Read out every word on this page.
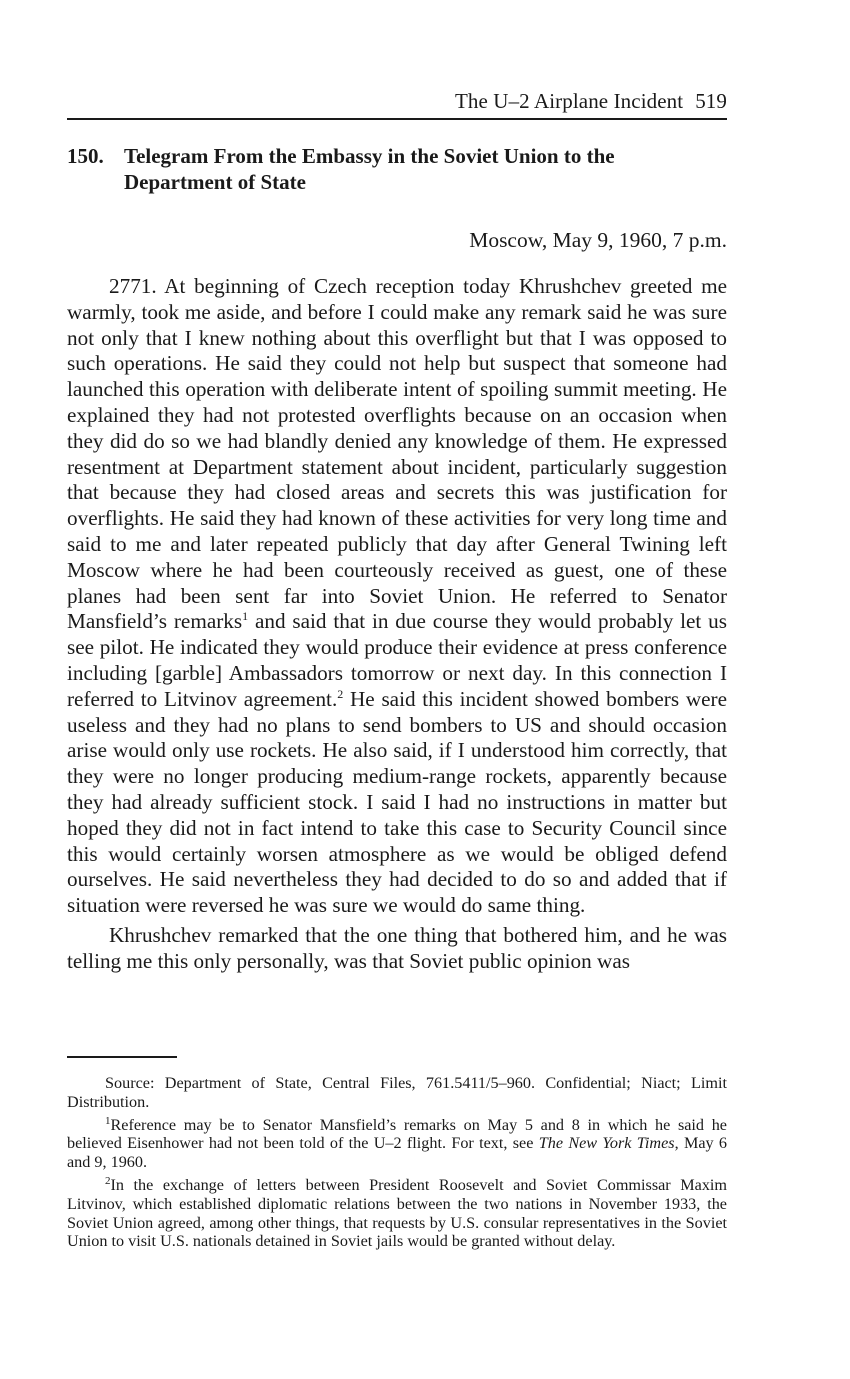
The U–2 Airplane Incident 519
150. Telegram From the Embassy in the Soviet Union to the Department of State
Moscow, May 9, 1960, 7 p.m.

2771. At beginning of Czech reception today Khrushchev greeted me warmly, took me aside, and before I could make any remark said he was sure not only that I knew nothing about this overflight but that I was opposed to such operations. He said they could not help but suspect that someone had launched this operation with deliberate intent of spoiling summit meeting. He explained they had not protested overflights because on an occasion when they did do so we had blandly denied any knowledge of them. He expressed resentment at Department statement about incident, particularly suggestion that because they had closed areas and secrets this was justification for overflights. He said they had known of these activities for very long time and said to me and later repeated publicly that day after General Twining left Moscow where he had been courteously received as guest, one of these planes had been sent far into Soviet Union. He referred to Senator Mansfield’s remarks$^1$ and said that in due course they would probably let us see pilot. He indicated they would produce their evidence at press conference including [garble] Ambassadors tomorrow or next day. In this connection I referred to Litvinov agreement.$^2$ He said this incident showed bombers were useless and they had no plans to send bombers to US and should occasion arise would only use rockets. He also said, if I understood him correctly, that they were no longer producing medium-range rockets, apparently because they had already sufficient stock. I said I had no instructions in matter but hoped they did not in fact intend to take this case to Security Council since this would certainly worsen atmosphere as we would be obliged defend ourselves. He said nevertheless they had decided to do so and added that if situation were reversed he was sure we would do same thing.

Khrushchev remarked that the one thing that bothered him, and he was telling me this only personally, was that Soviet public opinion was

Source: Department of State, Central Files, 761.5411/5–960. Confidential; Niact; Limit Distribution.

$^1$Reference may be to Senator Mansfield’s remarks on May 5 and 8 in which he said he believed Eisenhower had not been told of the U–2 flight. For text, see The New York Times, May 6 and 9, 1960.

$^2$In the exchange of letters between President Roosevelt and Soviet Commissar Maxim Litvinov, which established diplomatic relations between the two nations in November 1933, the Soviet Union agreed, among other things, that requests by U.S. consular representatives in the Soviet Union to visit U.S. nationals detained in Soviet jails would be granted without delay.
